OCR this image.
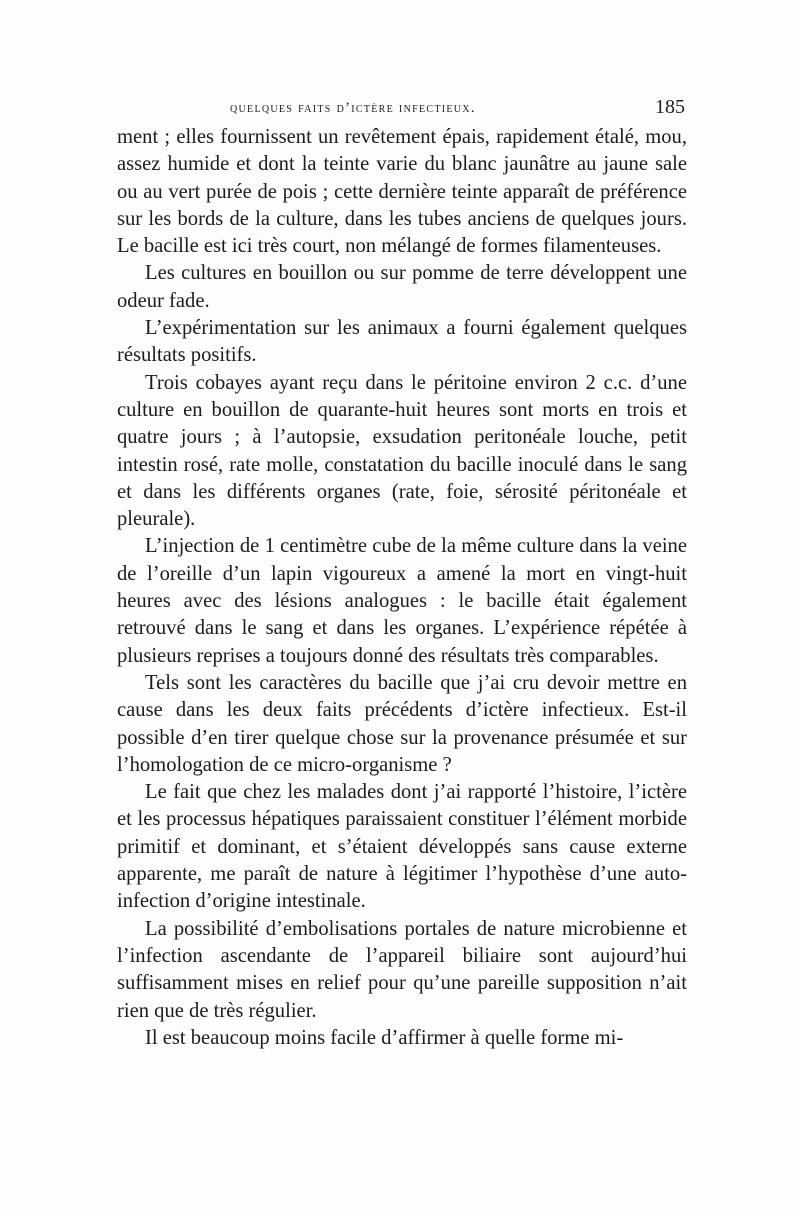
quelques faits d’ictère infectieux.	185

ment ; elles fournissent un revêtement épais, rapidement étalé, mou, assez humide et dont la teinte varie du blanc jaunâtre au jaune sale ou au vert purée de pois ; cette dernière teinte apparaît de préférence sur les bords de la culture, dans les tubes anciens de quelques jours. Le bacille est ici très court, non mélangé de formes filamenteuses.

Les cultures en bouillon ou sur pomme de terre développent une odeur fade.

L’expérimentation sur les animaux a fourni également quelques résultats positifs.

Trois cobayes ayant reçu dans le péritoine environ 2 c.c. d’une culture en bouillon de quarante-huit heures sont morts en trois et quatre jours ; à l’autopsie, exsudation peritonéale louche, petit intestin rosé, rate molle, constatation du bacille inoculé dans le sang et dans les différents organes (rate, foie, sérosité péritonéale et pleurale).

L’injection de 1 centimètre cube de la même culture dans la veine de l’oreille d’un lapin vigoureux a amené la mort en vingt-huit heures avec des lésions analogues : le bacille était également retrouvé dans le sang et dans les organes. L’expérience répétée à plusieurs reprises a toujours donné des résultats très comparables.

Tels sont les caractères du bacille que j’ai cru devoir mettre en cause dans les deux faits précédents d’ictère infectieux. Est-il possible d’en tirer quelque chose sur la provenance présumée et sur l’homologation de ce micro-organisme ?

Le fait que chez les malades dont j’ai rapporté l’histoire, l’ictère et les processus hépatiques paraissaient constituer l’élément morbide primitif et dominant, et s’étaient développés sans cause externe apparente, me paraît de nature à légitimer l’hypothèse d’une auto-infection d’origine intestinale.

La possibilité d’embolisations portales de nature microbienne et l’infection ascendante de l’appareil biliaire sont aujourd’hui suffisamment mises en relief pour qu’une pareille supposition n’ait rien que de très régulier.

Il est beaucoup moins facile d’affirmer à quelle forme mi-
